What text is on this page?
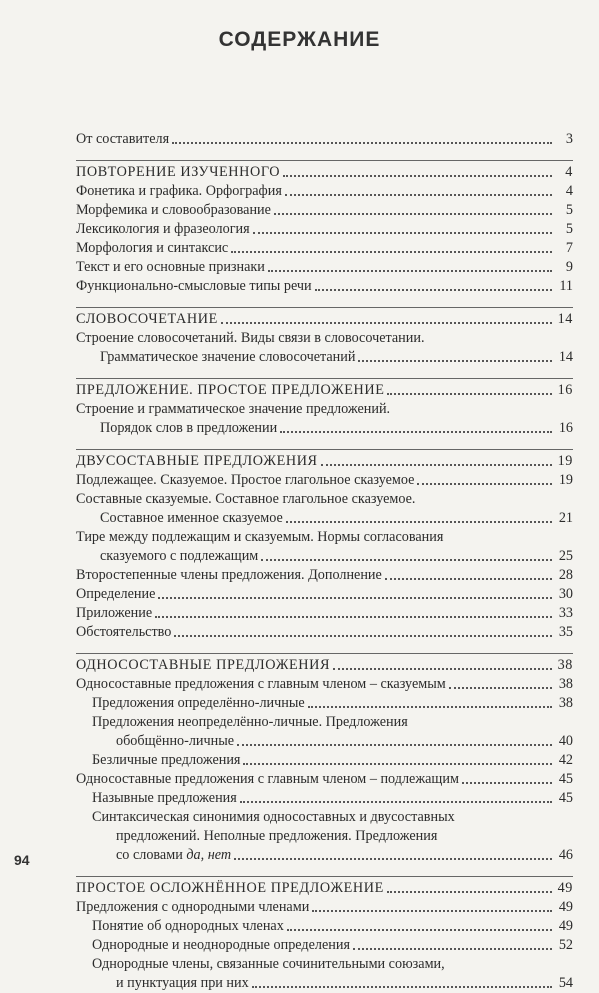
СОДЕРЖАНИЕ
От составителя	3
ПОВТОРЕНИЕ ИЗУЧЕННОГО	4
Фонетика и графика. Орфография	4
Морфемика и словообразование	5
Лексикология и фразеология	5
Морфология и синтаксис	7
Текст и его основные признаки	9
Функционально-смысловые типы речи	11
СЛОВОСОЧЕТАНИЕ	14
Строение словосочетаний. Виды связи в словосочетании.
Грамматическое значение словосочетаний	14
ПРЕДЛОЖЕНИЕ. ПРОСТОЕ ПРЕДЛОЖЕНИЕ	16
Строение и грамматическое значение предложений.
Порядок слов в предложении	16
ДВУСОСТАВНЫЕ ПРЕДЛОЖЕНИЯ	19
Подлежащее. Сказуемое. Простое глагольное сказуемое	19
Составные сказуемые. Составное глагольное сказуемое.
Составное именное сказуемое	21
Тире между подлежащим и сказуемым. Нормы согласования
сказуемого с подлежащим	25
Второстепенные члены предложения. Дополнение	28
Определение	30
Приложение	33
Обстоятельство	35
ОДНОСОСТАВНЫЕ ПРЕДЛОЖЕНИЯ	38
Односоставные предложения с главным членом – сказуемым	38
Предложения определённо-личные	38
Предложения неопределённо-личные. Предложения
обобщённо-личные	40
Безличные предложения	42
Односоставные предложения с главным членом – подлежащим	45
Назывные предложения	45
Синтаксическая синонимия односоставных и двусоставных
предложений. Неполные предложения. Предложения
со словами да, нет	46
ПРОСТОЕ ОСЛОЖНЁННОЕ ПРЕДЛОЖЕНИЕ	49
Предложения с однородными членами	49
Понятие об однородных членах	49
Однородные и неоднородные определения	52
Однородные члены, связанные сочинительными союзами,
и пунктуация при них	54
94
